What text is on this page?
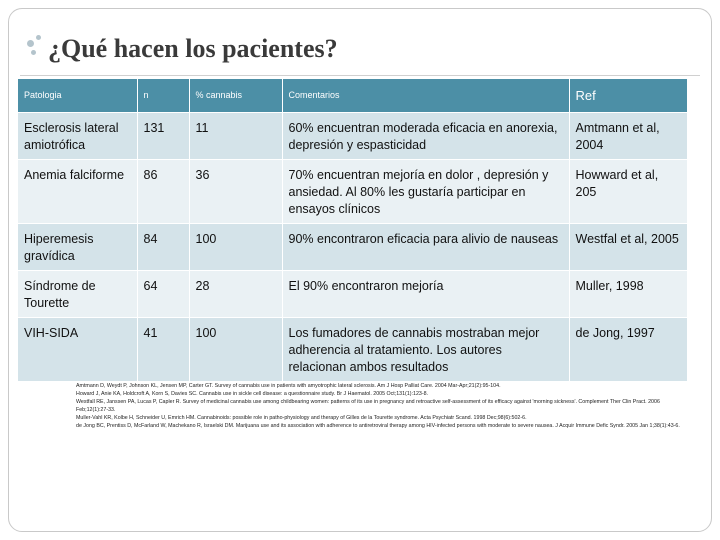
¿Qué hacen los pacientes?
Patologia	n	% cannabis	Comentarios	Ref
Esclerosis lateral amiotrófica	131	11	60% encuentran moderada eficacia en anorexia, depresión y espasticidad	Amtmann et al, 2004
Anemia falciforme	86	36	70% encuentran mejoría en dolor , depresión y ansiedad. Al 80% les gustaría participar en ensayos clínicos	Howward et al, 205
Hiperemesis gravídica	84	100	90% encontraron eficacia para alivio de nauseas	Westfal et al, 2005
Síndrome de Tourette	64	28	El 90% encontraron mejoría	Muller, 1998
VIH-SIDA	41	100	Los fumadores de cannabis mostraban mejor adherencia al tratamiento. Los autores relacionan ambos resultados	de Jong, 1997

Amtmann D, Weydt P, Johnson KL, Jensen MP, Carter GT. Survey of cannabis use in patients with amyotrophic lateral sclerosis. Am J Hosp Palliat Care. 2004 Mar-Apr;21(2):95-104.

Howard J, Anie KA, Holdcroft A, Korn S, Davies SC. Cannabis use in sickle cell disease: a questionnaire study. Br J Haematol. 2005 Oct;131(1):123-8.

Westfall RE, Janssen PA, Lucas P, Capler R. Survey of medicinal cannabis use among childbearing women: patterns of its use in pregnancy and retroactive self-assessment of its efficacy against 'morning sickness'. Complement Ther Clin Pract. 2006 Feb;12(1):27-33.

Muller-Vahl KR, Kolbe H, Schneider U, Emrich HM. Cannabinoids: possible role in patho-physiology and therapy of Gilles de la Tourette syndrome. Acta Psychiatr Scand. 1998 Dec;98(6):502-6.

de Jong BC, Prentiss D, McFarland W, Machekano R, Israelski DM. Marijuana use and its association with adherence to antiretroviral therapy among HIV-infected persons with moderate to severe nausea. J Acquir Immune Defic Syndr. 2005 Jan 1;38(1):43-6.
